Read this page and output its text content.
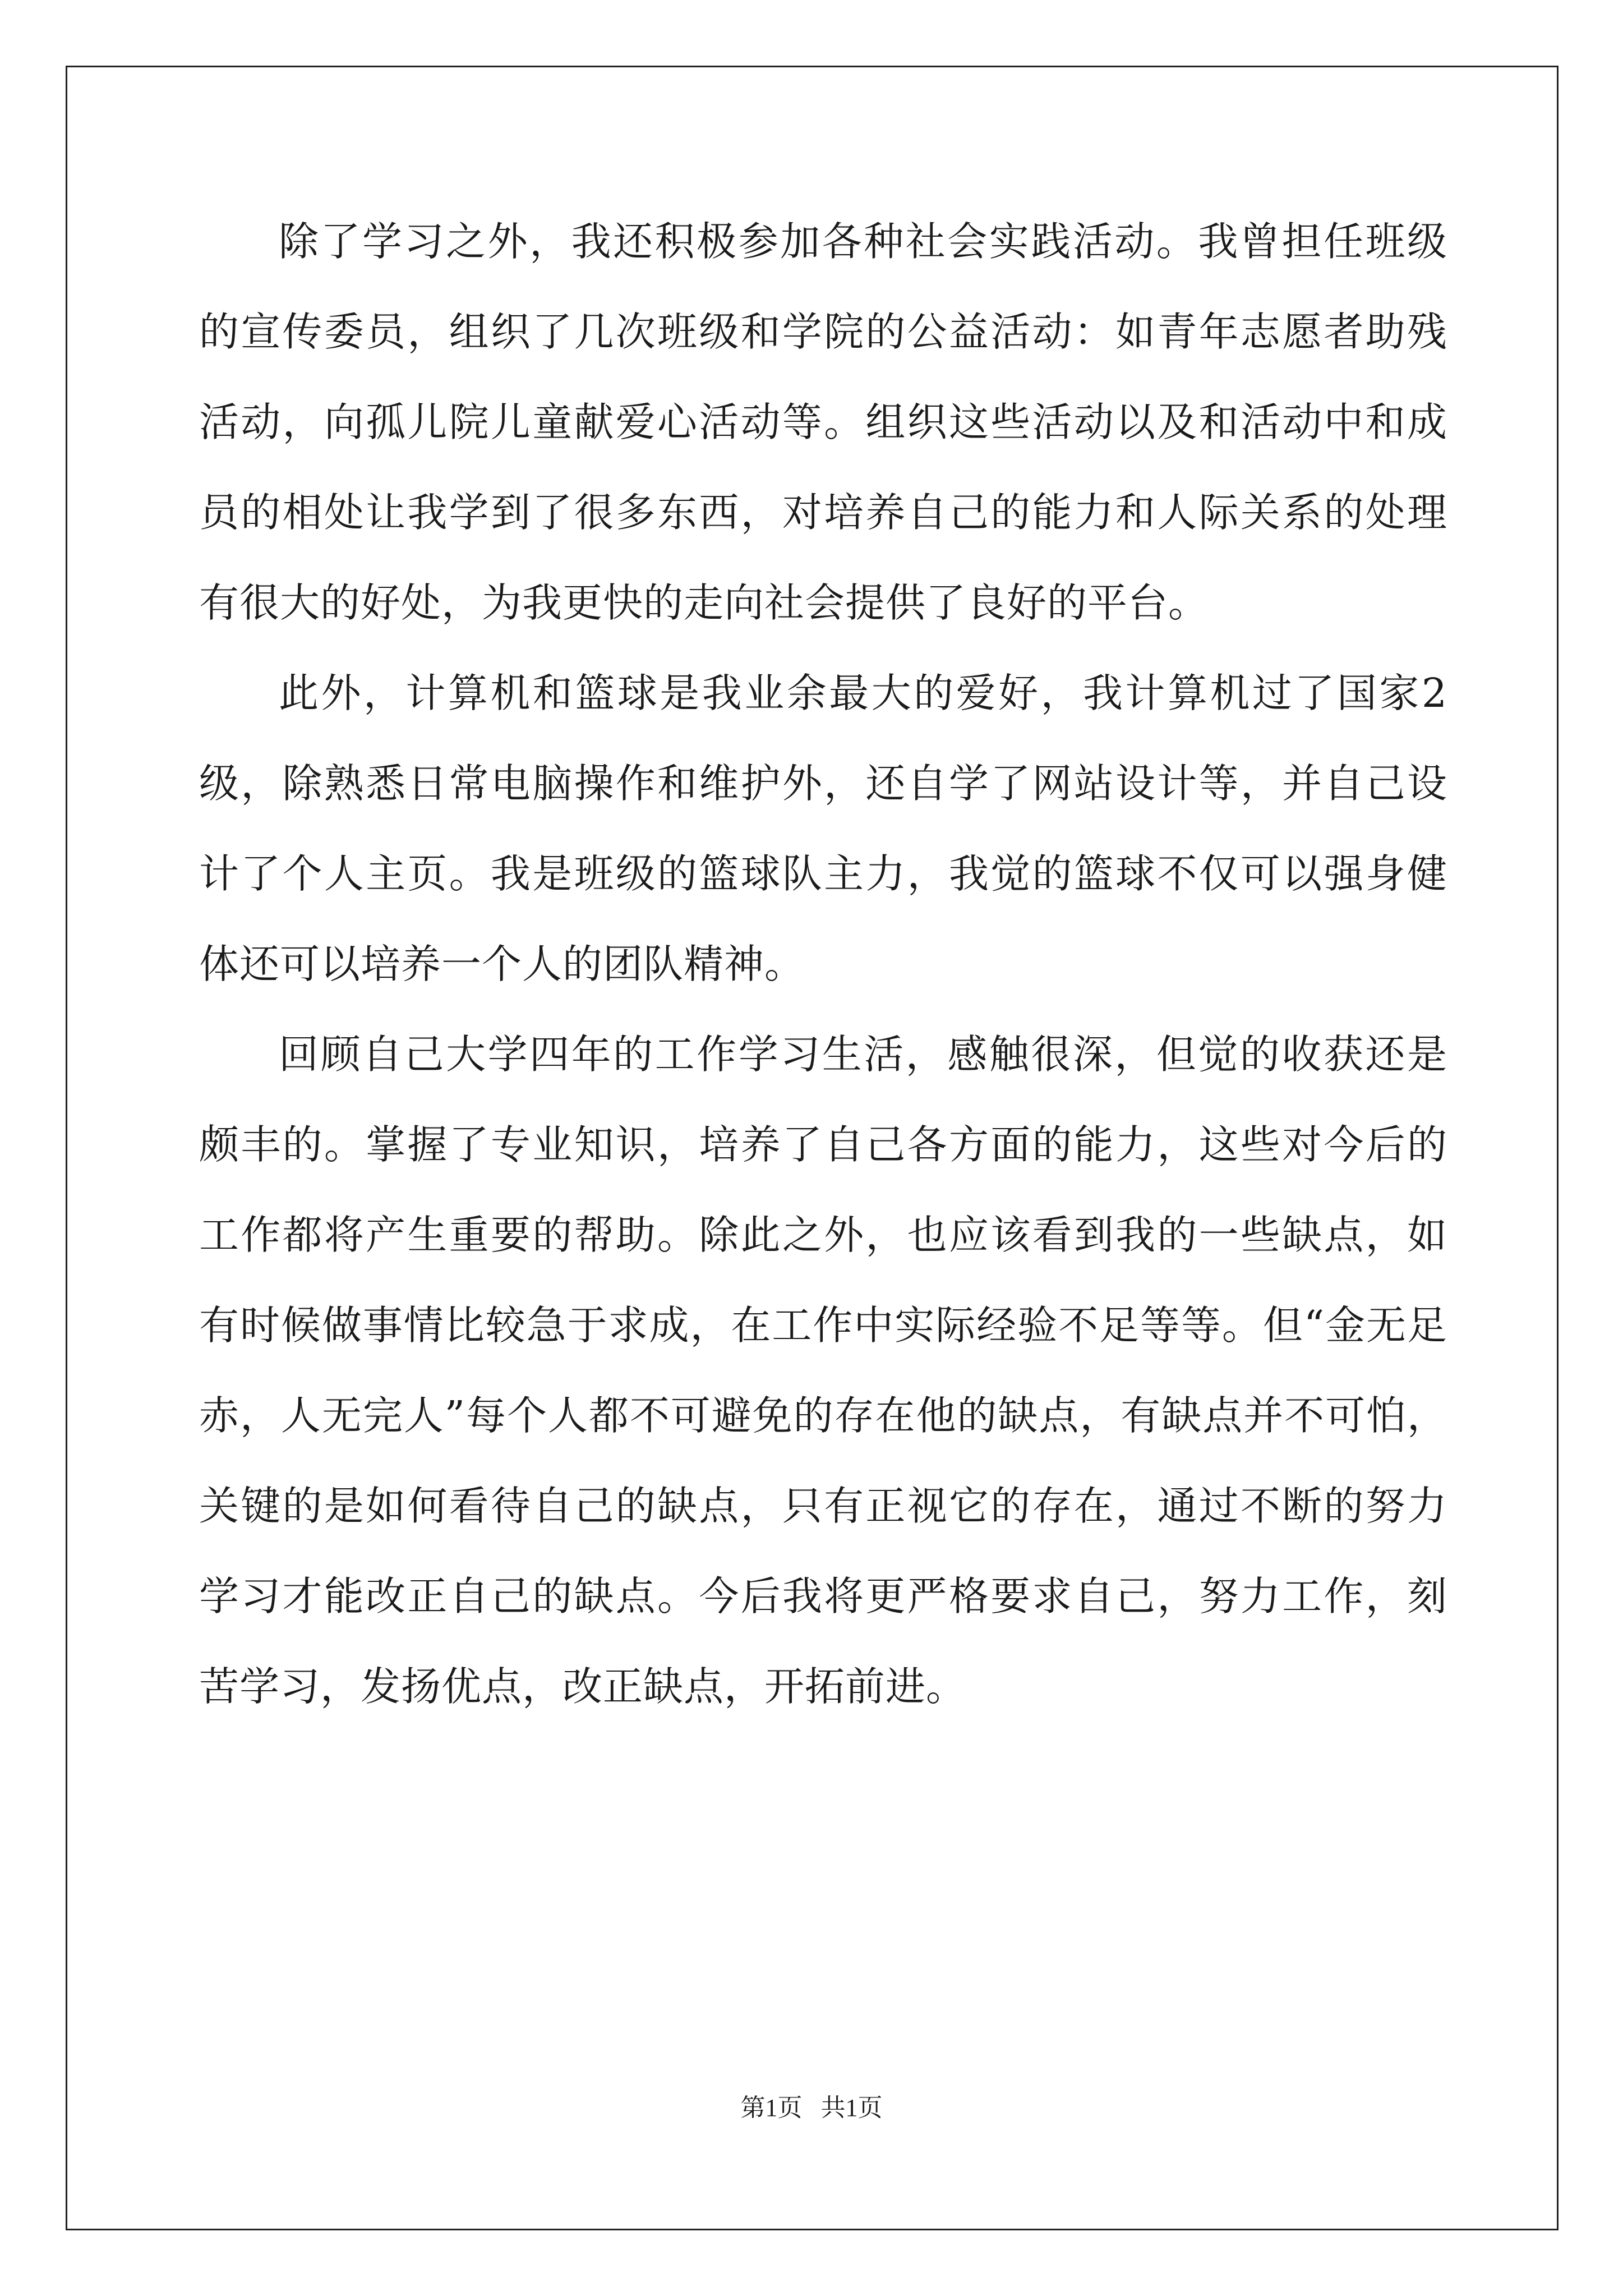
除了学习之外，我还积极参加各种社会实践活动。我曾担任班级的宣传委员，组织了几次班级和学院的公益活动：如青年志愿者助残活动，向孤儿院儿童献爱心活动等。组织这些活动以及和活动中和成员的相处让我学到了很多东西，对培养自己的能力和人际关系的处理有很大的好处，为我更快的走向社会提供了良好的平台。

此外，计算机和篮球是我业余最大的爱好，我计算机过了国家2级，除熟悉日常电脑操作和维护外，还自学了网站设计等，并自己设计了个人主页。我是班级的篮球队主力，我觉的篮球不仅可以强身健体还可以培养一个人的团队精神。

回顾自己大学四年的工作学习生活，感触很深，但觉的收获还是颇丰的。掌握了专业知识，培养了自己各方面的能力，这些对今后的工作都将产生重要的帮助。除此之外，也应该看到我的一些缺点，如有时候做事情比较急于求成，在工作中实际经验不足等等。但“金无足赤，人无完人”每个人都不可避免的存在他的缺点，有缺点并不可怕，关键的是如何看待自己的缺点，只有正视它的存在，通过不断的努力学习才能改正自己的缺点。今后我将更严格要求自己，努力工作，刻苦学习，发扬优点，改正缺点，开拓前进。

第1页   共1页
